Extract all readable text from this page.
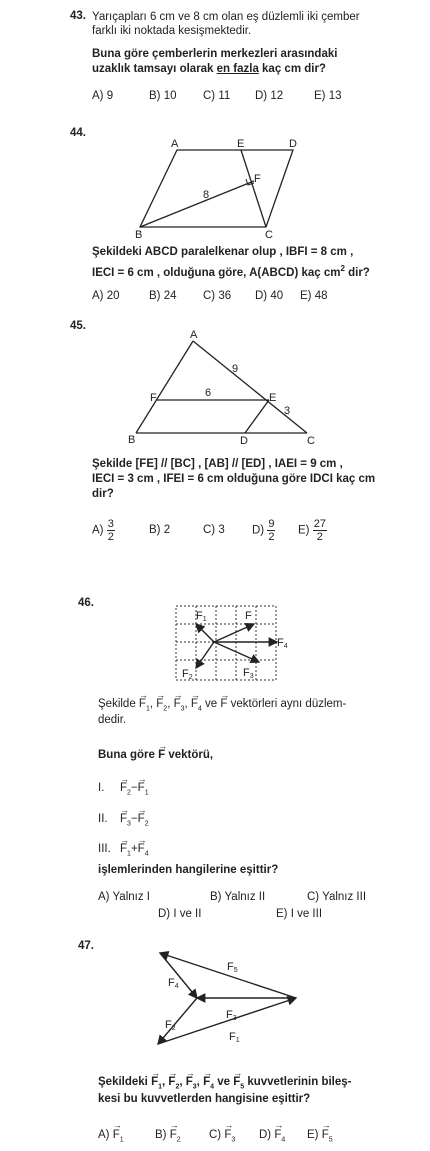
43. Yarıçapları 6 cm ve 8 cm olan eş düzlemli iki çember
farklı iki noktada kesişmektedir.
Buna göre çemberlerin merkezleri arasındaki
uzaklık tamsayı olarak en fazla kaç cm dir?
A) 9	B) 10 C) 11 D) 12	E) 13
44.
A	E	D
F
B	C
8
Şekildeki ABCD paralelkenar olup , IBFI = 8 cm ,
IECI = 6 cm , olduğuna göre, A(ABCD) kaç $cm^2$ dir?
A) 20	B) 24 C) 36 D) 40 E) 48
45.
A
F	E
B	D	C
9
6
3
Şekilde [FE] // [BC] , [AB] // [ED] , IAEI = 9 cm ,
IECI = 3 cm , IFEI = 6 cm olduğuna göre IDCI kaç cm
dir?
$A) \frac{3}{2}$	B) 2	C) 3 $D) \frac{9}{2} E) \frac{27}{2}$
46.
F1	F
F4
F2	F3
Şekilde → $F_1$, → $F_2$, → $F_3$, → $F_4$ ve → F vektörleri aynı düzlem-
dedir.
Buna göre → F vektörü,
$I.\to F_2-\to F_1$
$II.\to F_3-\to F_2$
$III.\to F_1+\to F_4$
işlemlerinden hangilerine eşittir?
A) Yalnız I	B) Yalnız II	C) Yalnız III
D) I ve II	E) I ve III
47.
F5
F4
F3
F2
F1
Şekildeki → $F_1$, → $F_2$, → $F_3$, → $F_4$ ve → $F_5$ kuvvetlerinin bileş-
kesi bu kuvvetlerden hangisine eşittir?
$A) \to F_1$	$B) \to F_2$ $C) \to F_3$ $D) \to F_4$ $E) \to F_5$
